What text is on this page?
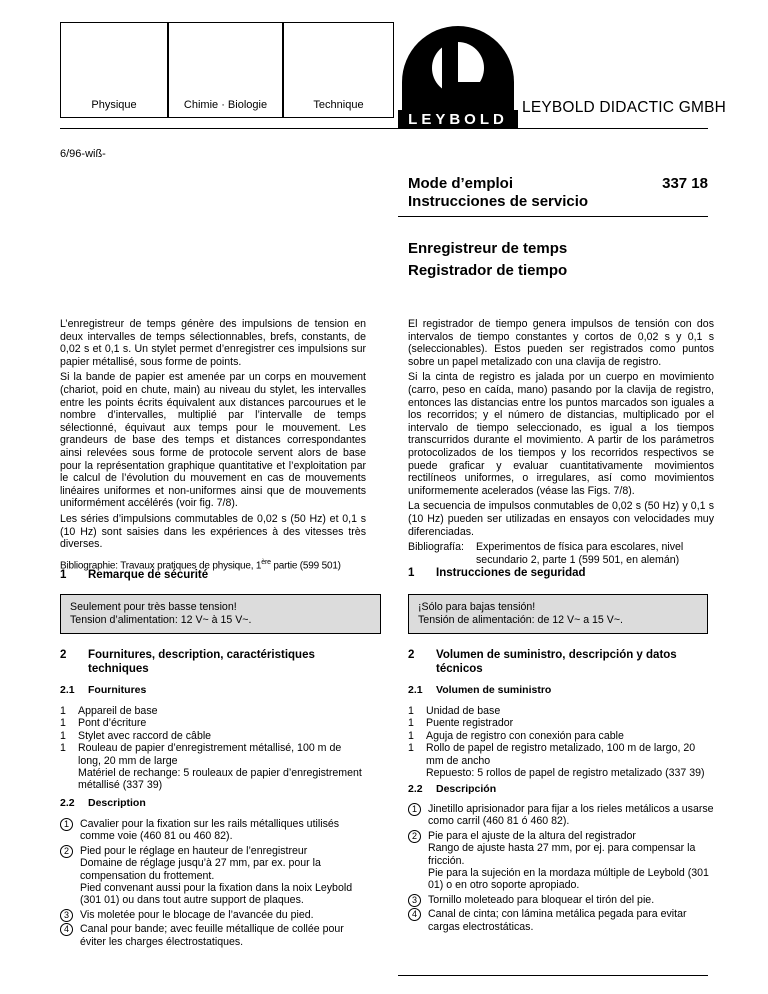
Physique	Chimie · Biologie	Technique
LEYBOLD
LEYBOLD DIDACTIC GMBH
6/96-wiß-
Mode d’emploi
Instrucciones de servicio
337 18
Enregistreur de temps
Registrador de tiempo

L’enregistreur de temps génère des impulsions de tension en deux intervalles de temps sélectionnables, brefs, constants, de 0,02 s et 0,1 s. Un stylet permet d’enregistrer ces impulsions sur papier métallisé, sous forme de points.

Si la bande de papier est amenée par un corps en mouvement (chariot, poid en chute, main) au niveau du stylet, les intervalles entre les points écrits équivalent aux distances parcourues et le nombre d’intervalles, multiplié par l’intervalle de temps sélectionné, équivaut aux temps pour le mouvement. Les grandeurs de base des temps et distances correspondantes ainsi relevées sous forme de protocole servent alors de base pour la représentation graphique quantitative et l’exploitation par le calcul de l’évolution du mouvement en cas de mouvements linéaires uniformes et non-uniformes ainsi que de mouvements uniformément accélérés (voir fig. 7/8).

Les séries d’impulsions commutables de 0,02 s (50 Hz) et 0,1 s (10 Hz) sont saisies dans les expériences à des vitesses très diverses.

Bibliographie: Travaux pratiques de physique, 1ère partie (599 501)

El registrador de tiempo genera impulsos de tensión con dos intervalos de tiempo constantes y cortos de 0,02 s y 0,1 s (seleccionables). Estos pueden ser registrados como puntos sobre un papel metalizado con una clavija de registro.

Si la cinta de registro es jalada por un cuerpo en movimiento (carro, peso en caída, mano) pasando por la clavija de registro, entonces las distancias entre los puntos marcados son iguales a los recorridos; y el número de distancias, multiplicado por el intervalo de tiempo seleccionado, es igual a los tiempos transcurridos durante el movimiento. A partir de los parámetros protocolizados de los tiempos y los recorridos respectivos se puede graficar y evaluar cuantitativamente movimientos rectilíneos uniformes, o irregulares, así como movimientos uniformemente acelerados (véase las Figs. 7/8).

La secuencia de impulsos conmutables de 0,02 s (50 Hz) y 0,1 s (10 Hz) pueden ser utilizadas en ensayos con velocidades muy diferenciadas.

Bibliografía: Experimentos de física para escolares, nivel secundario 2, parte 1 (599 501, en alemán)
1 Remarque de sécurité	1 Instrucciones de seguridad
Seulement pour très basse tension!
Tension d’alimentation: 12 V~ à 15 V~.
¡Sólo para bajas tensión!
Tensión de alimentación: de 12 V~ a 15 V~.
2 Fournitures, description, caractéristiques
techniques
2 Volumen de suministro, descripción y datos
técnicos
2.1 Fournitures	2.1 Volumen de suministro
1 Appareil de base
1 Pont d’écriture
1 Stylet avec raccord de câble
1 Rouleau de papier d’enregistrement métallisé, 100 m de long, 20 mm de large
Matériel de rechange: 5 rouleaux de papier d’enregistrement métallisé (337 39)
1 Unidad de base
1 Puente registrador
1 Aguja de registro con conexión para cable
1 Rollo de papel de registro metalizado, 100 m de largo, 20 mm de ancho
Repuesto: 5 rollos de papel de registro metalizado (337 39)
2.2 Description
2.2 Descripción
1	Cavalier pour la fixation sur les rails métalliques utilisés comme voie (460 81 ou 460 82).
2	Pied pour le réglage en hauteur de l’enregistreur
Domaine de réglage jusqu’à 27 mm, par ex. pour la compensation du frottement.
Pied convenant aussi pour la fixation dans la noix Leybold (301 01) ou dans tout autre support de plaques.
3	Vis moletée pour le blocage de l’avancée du pied.
4	Canal pour bande; avec feuille métallique de collée pour éviter les charges électrostatiques.
1	Jinetillo aprisionador para fijar a los rieles metálicos a usarse como carril (460 81 ó 460 82).
2	Pie para el ajuste de la altura del registrador
Rango de ajuste hasta 27 mm, por ej. para compensar la fricción.
Pie para la sujeción en la mordaza múltiple de Leybold (301 01) o en otro soporte apropiado.
3	Tornillo moleteado para bloquear el tirón del pie.
4	Canal de cinta; con lámina metálica pegada para evitar cargas electrostáticas.
